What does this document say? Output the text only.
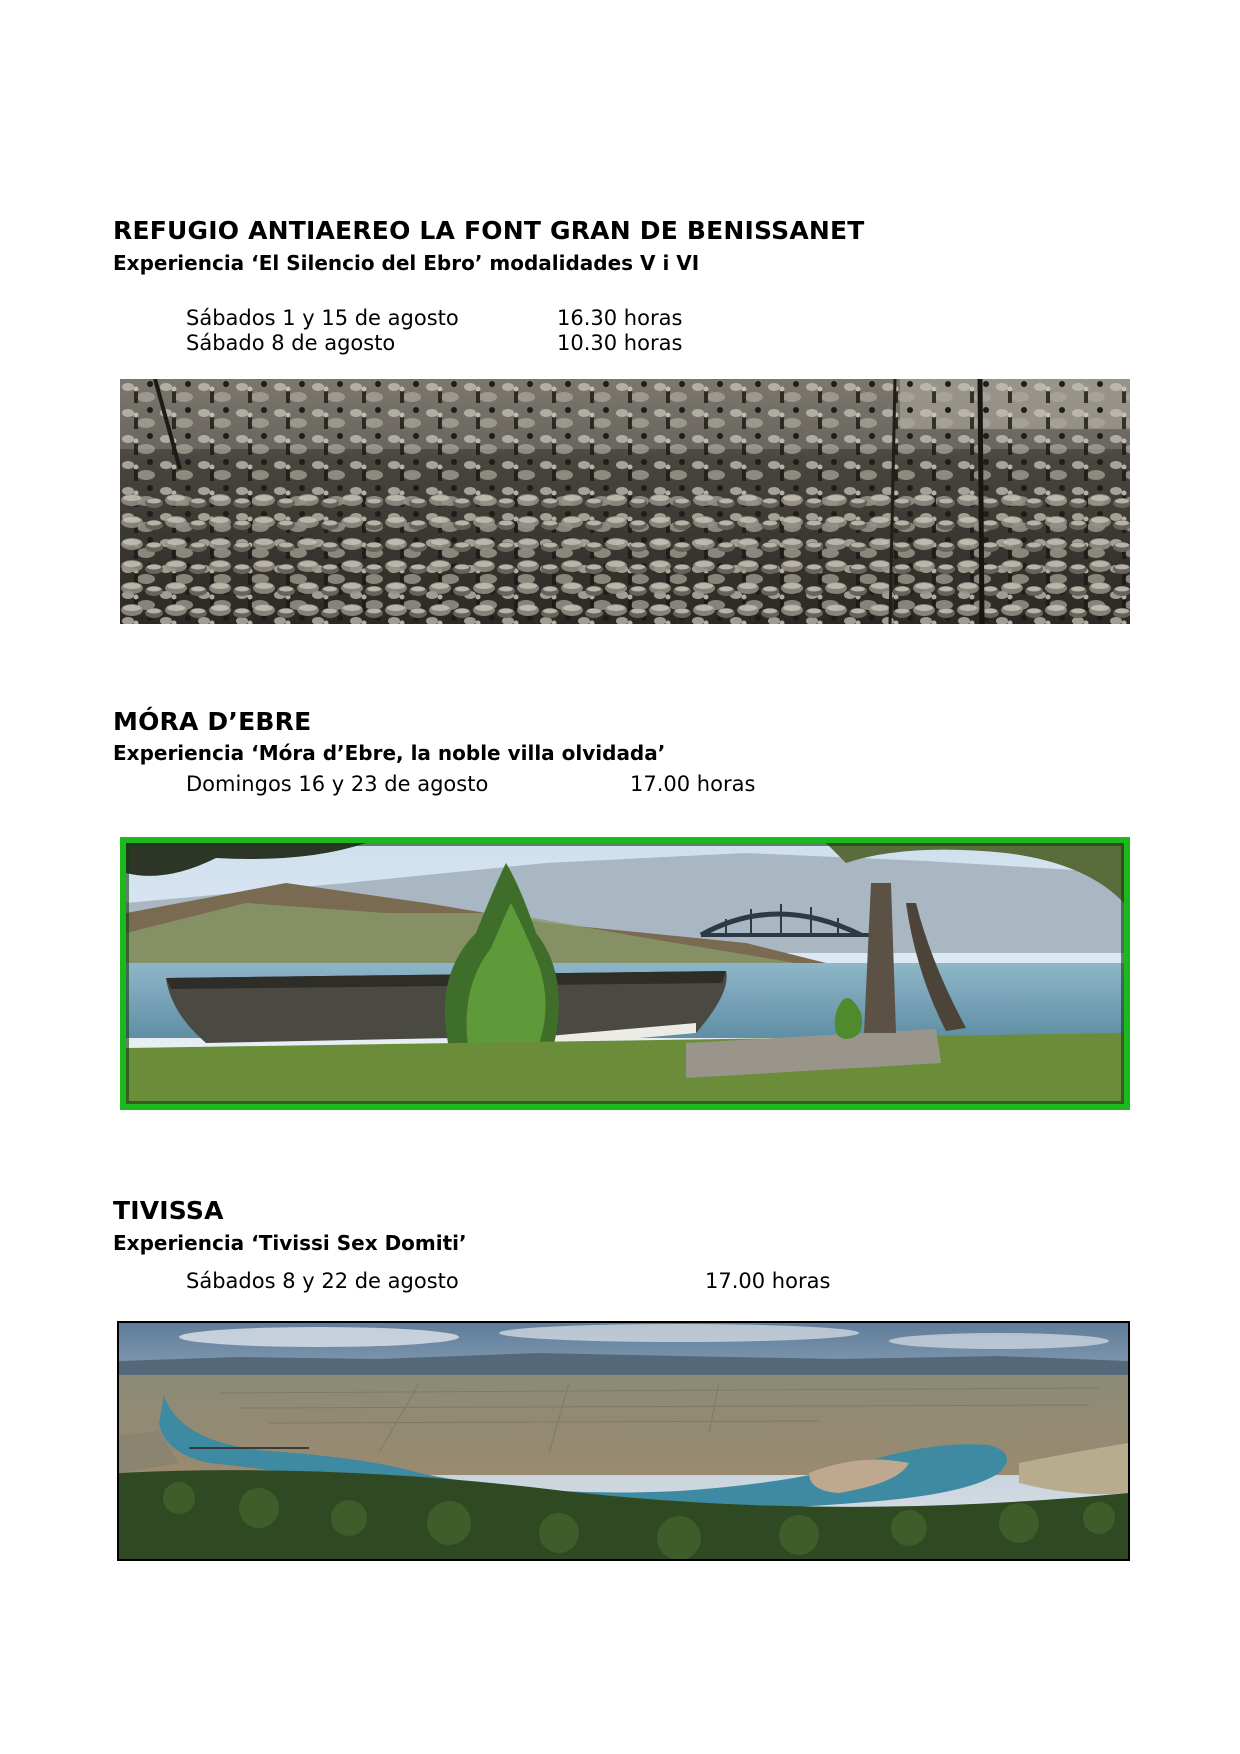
REFUGIO ANTIAEREO LA FONT GRAN DE BENISSANET

Experiencia ‘El Silencio del Ebro’ modalidades V i VI

Sábados 1 y 15 de agosto	16.30 horas

Sábado 8 de agosto	10.30 horas

MÓRA D’EBRE

Experiencia ‘Móra d’Ebre, la noble villa olvidada’

Domingos 16 y 23 de agosto	17.00 horas

TIVISSA

Experiencia ‘Tivissi Sex Domiti’

Sábados 8 y 22 de agosto	17.00 horas
